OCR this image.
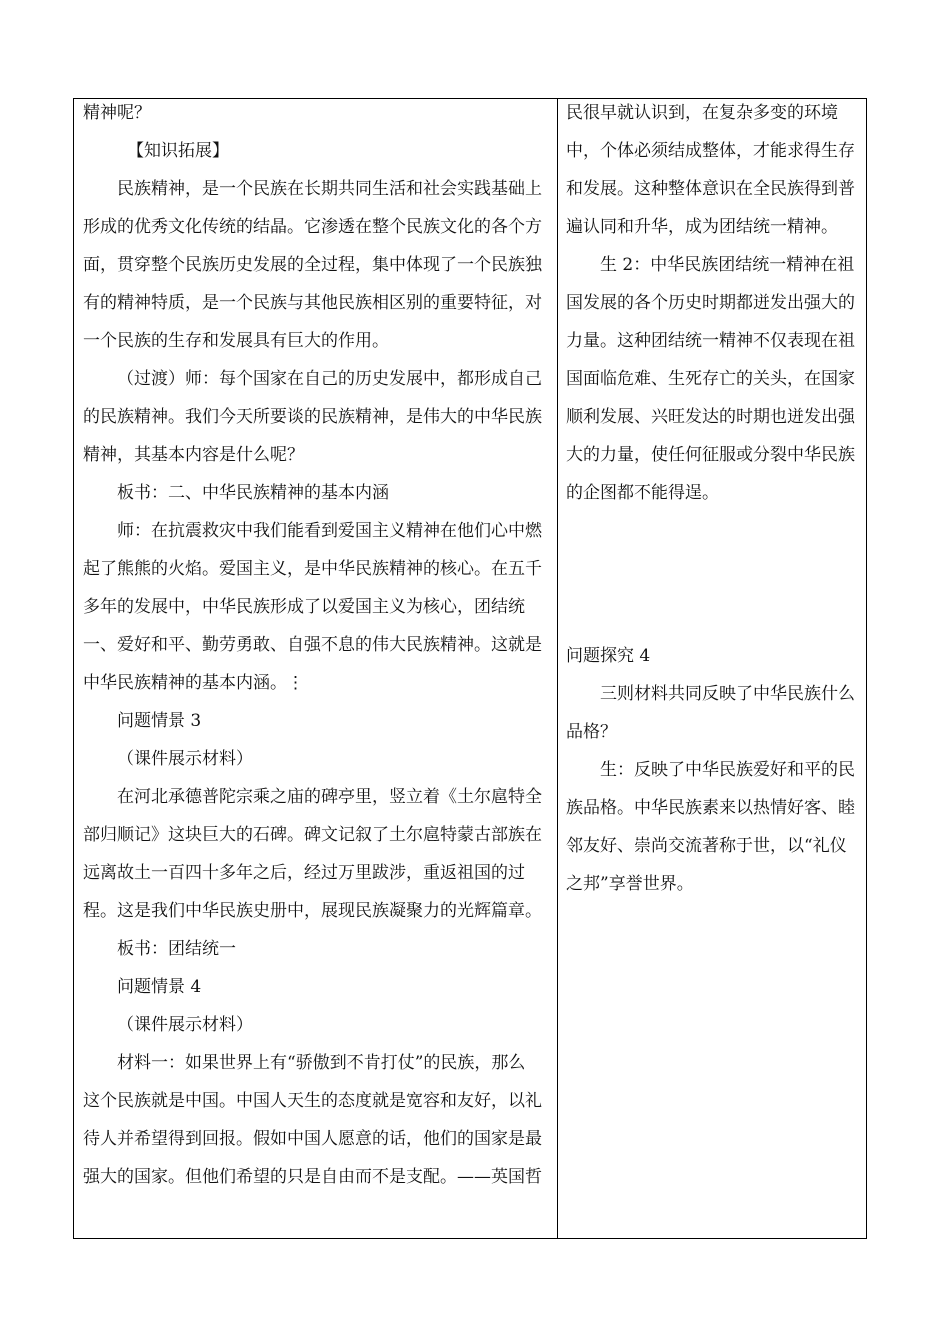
精神呢？
【知识拓展】
民族精神，是一个民族在长期共同生活和社会实践基础上
形成的优秀文化传统的结晶。它渗透在整个民族文化的各个方
面，贯穿整个民族历史发展的全过程，集中体现了一个民族独
有的精神特质，是一个民族与其他民族相区别的重要特征，对
一个民族的生存和发展具有巨大的作用。
（过渡）师：每个国家在自己的历史发展中，都形成自己
的民族精神。我们今天所要谈的民族精神，是伟大的中华民族
精神，其基本内容是什么呢？
板书：二、中华民族精神的基本内涵
师：在抗震救灾中我们能看到爱国主义精神在他们心中燃
起了熊熊的火焰。爱国主义，是中华民族精神的核心。在五千
多年的发展中，中华民族形成了以爱国主义为核心，团结统
一、爱好和平、勤劳勇敢、自强不息的伟大民族精神。这就是
中华民族精神的基本内涵。⋮
问题情景 3
（课件展示材料）
在河北承德普陀宗乘之庙的碑亭里，竖立着《土尔扈特全
部归顺记》这块巨大的石碑。碑文记叙了土尔扈特蒙古部族在
远离故土一百四十多年之后，经过万里跋涉，重返祖国的过
程。这是我们中华民族史册中，展现民族凝聚力的光辉篇章。
板书：团结统一
问题情景 4
（课件展示材料）
材料一：如果世界上有“骄傲到不肯打仗”的民族，那么
这个民族就是中国。中国人天生的态度就是宽容和友好，以礼
待人并希望得到回报。假如中国人愿意的话，他们的国家是最
强大的国家。但他们希望的只是自由而不是支配。——英国哲
民很早就认识到，在复杂多变的环境
中，个体必须结成整体，才能求得生存
和发展。这种整体意识在全民族得到普
遍认同和升华，成为团结统一精神。
生 2：中华民族团结统一精神在祖
国发展的各个历史时期都迸发出强大的
力量。这种团结统一精神不仅表现在祖
国面临危难、生死存亡的关头，在国家
顺利发展、兴旺发达的时期也迸发出强
大的力量，使任何征服或分裂中华民族
的企图都不能得逞。
问题探究 4
三则材料共同反映了中华民族什么
品格？
生：反映了中华民族爱好和平的民
族品格。中华民族素来以热情好客、睦
邻友好、崇尚交流著称于世，以“礼仪
之邦”享誉世界。
